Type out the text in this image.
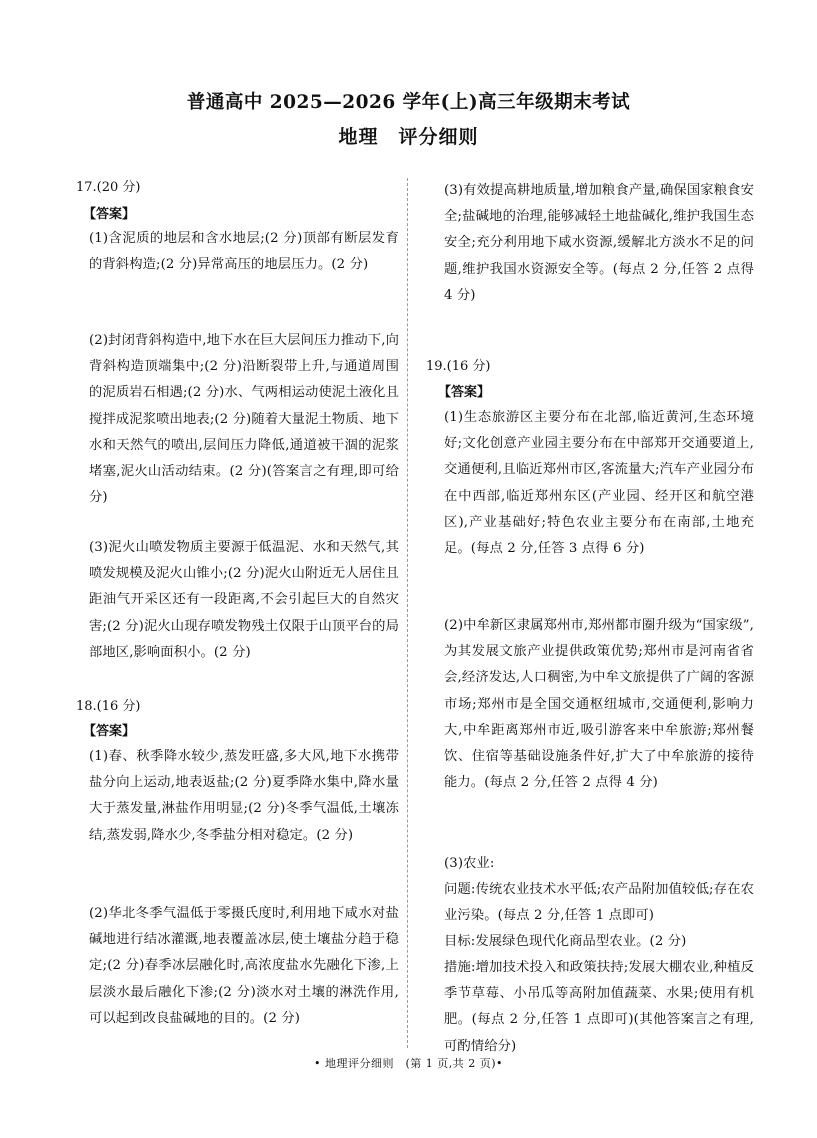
普通高中 2025—2026 学年(上)高三年级期末考试
地理　评分细则
17.(20 分)
【答案】

(1)含泥质的地层和含水地层;(2 分)顶部有断层发育的背斜构造;(2 分)异常高压的地层压力。(2 分)

(2)封闭背斜构造中,地下水在巨大层间压力推动下,向背斜构造顶端集中;(2 分)沿断裂带上升,与通道周围的泥质岩石相遇;(2 分)水、气两相运动使泥土液化且搅拌成泥浆喷出地表;(2 分)随着大量泥土物质、地下水和天然气的喷出,层间压力降低,通道被干涸的泥浆堵塞,泥火山活动结束。(2 分)(答案言之有理,即可给分)

(3)泥火山喷发物质主要源于低温泥、水和天然气,其喷发规模及泥火山锥小;(2 分)泥火山附近无人居住且距油气开采区还有一段距离,不会引起巨大的自然灾害;(2 分)泥火山现存喷发物残土仅限于山顶平台的局部地区,影响面积小。(2 分)

18.(16 分)
【答案】

(1)春、秋季降水较少,蒸发旺盛,多大风,地下水携带盐分向上运动,地表返盐;(2 分)夏季降水集中,降水量大于蒸发量,淋盐作用明显;(2 分)冬季气温低,土壤冻结,蒸发弱,降水少,冬季盐分相对稳定。(2 分)

(2)华北冬季气温低于零摄氏度时,利用地下咸水对盐碱地进行结冰灌溉,地表覆盖冰层,使土壤盐分趋于稳定;(2 分)春季冰层融化时,高浓度盐水先融化下渗,上层淡水最后融化下渗;(2 分)淡水对土壤的淋洗作用,可以起到改良盐碱地的目的。(2 分)

(3)有效提高耕地质量,增加粮食产量,确保国家粮食安全;盐碱地的治理,能够减轻土地盐碱化,维护我国生态安全;充分利用地下咸水资源,缓解北方淡水不足的问题,维护我国水资源安全等。(每点 2 分,任答 2 点得 4 分)

19.(16 分)
【答案】

(1)生态旅游区主要分布在北部,临近黄河,生态环境好;文化创意产业园主要分布在中部郑开交通要道上,交通便利,且临近郑州市区,客流量大;汽车产业园分布在中西部,临近郑州东区(产业园、经开区和航空港区),产业基础好;特色农业主要分布在南部,土地充足。(每点 2 分,任答 3 点得 6 分)

(2)中牟新区隶属郑州市,郑州都市圈升级为“国家级”,为其发展文旅产业提供政策优势;郑州市是河南省省会,经济发达,人口稠密,为中牟文旅提供了广阔的客源市场;郑州市是全国交通枢纽城市,交通便利,影响力大,中牟距离郑州市近,吸引游客来中牟旅游;郑州餐饮、住宿等基础设施条件好,扩大了中牟旅游的接待能力。(每点 2 分,任答 2 点得 4 分)

(3)农业:

问题:传统农业技术水平低;农产品附加值较低;存在农业污染。(每点 2 分,任答 1 点即可)

目标:发展绿色现代化商品型农业。(2 分)

措施:增加技术投入和政策扶持;发展大棚农业,种植反季节草莓、小吊瓜等高附加值蔬菜、水果;使用有机肥。(每点 2 分,任答 1 点即可)(其他答案言之有理,可酌情给分)

• 地理评分细则　(第 1 页,共 2 页)•
